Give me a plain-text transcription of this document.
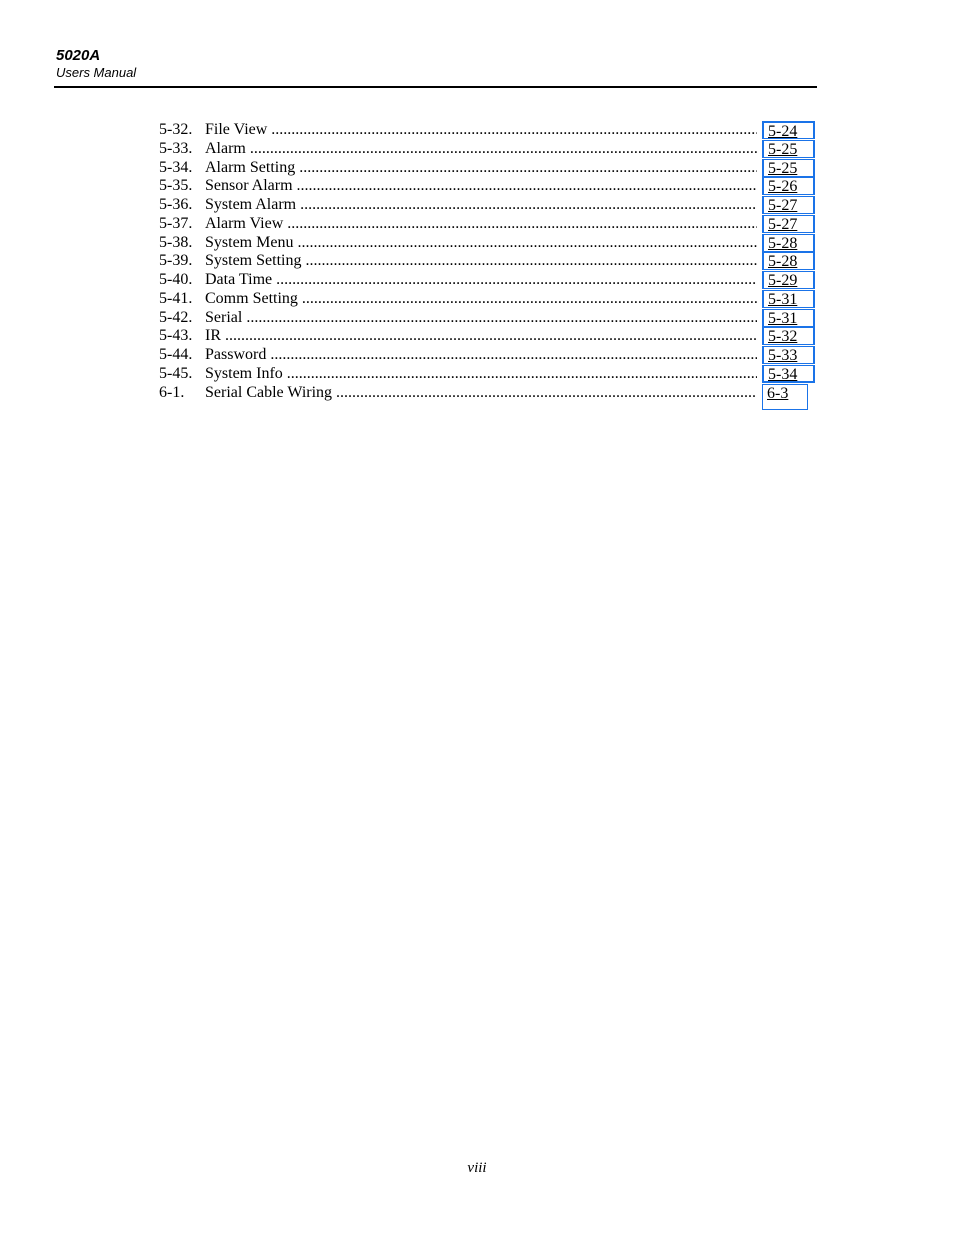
5020A
Users Manual
5-32. File View .....	5-24
5-33. Alarm .....	5-25
5-34. Alarm Setting .....	5-25
5-35. Sensor Alarm .....	5-26
5-36. System Alarm .....	5-27
5-37. Alarm View .....	5-27
5-38. System Menu .....	5-28
5-39. System Setting .....	5-28
5-40. Data Time .....	5-29
5-41. Comm Setting .....	5-31
5-42. Serial .....	5-31
5-43. IR .....	5-32
5-44. Password .....	5-33
5-45. System Info .....	5-34
6-1. Serial Cable Wiring .....	6-3
viii
